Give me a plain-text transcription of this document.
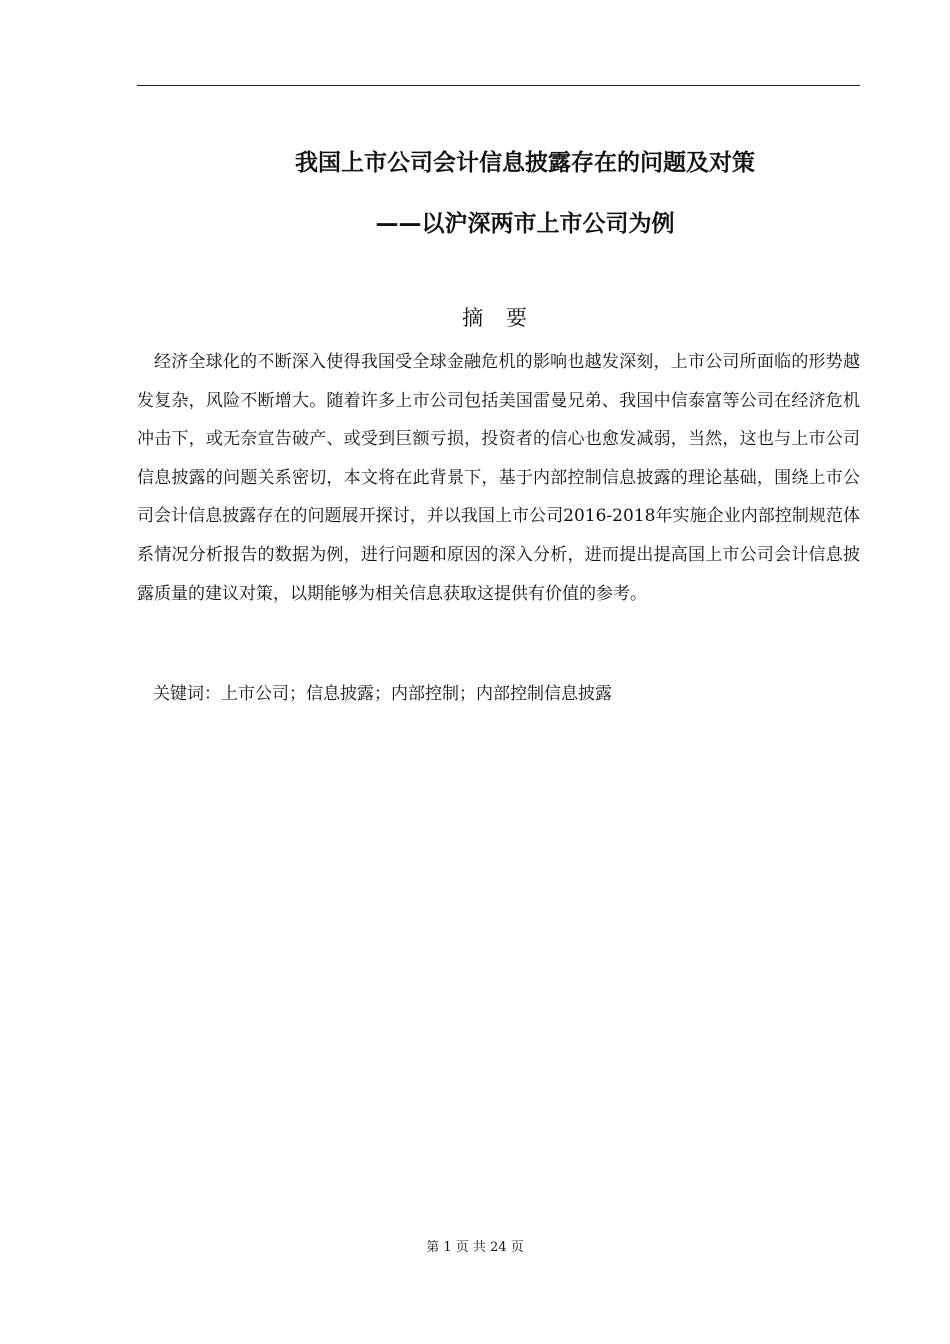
我国上市公司会计信息披露存在的问题及对策
——以沪深两市上市公司为例
摘 要

经济全球化的不断深入使得我国受全球金融危机的影响也越发深刻，上市公司所面临的形势越发复杂，风险不断增大。随着许多上市公司包括美国雷曼兄弟、我国中信泰富等公司在经济危机冲击下，或无奈宣告破产、或受到巨额亏损，投资者的信心也愈发减弱，当然，这也与上市公司信息披露的问题关系密切，本文将在此背景下，基于内部控制信息披露的理论基础，围绕上市公司会计信息披露存在的问题展开探讨，并以我国上市公司2016-2018年实施企业内部控制规范体系情况分析报告的数据为例，进行问题和原因的深入分析，进而提出提高国上市公司会计信息披露质量的建议对策，以期能够为相关信息获取这提供有价值的参考。

关键词：上市公司；信息披露；内部控制；内部控制信息披露
第 1 页 共 24 页
